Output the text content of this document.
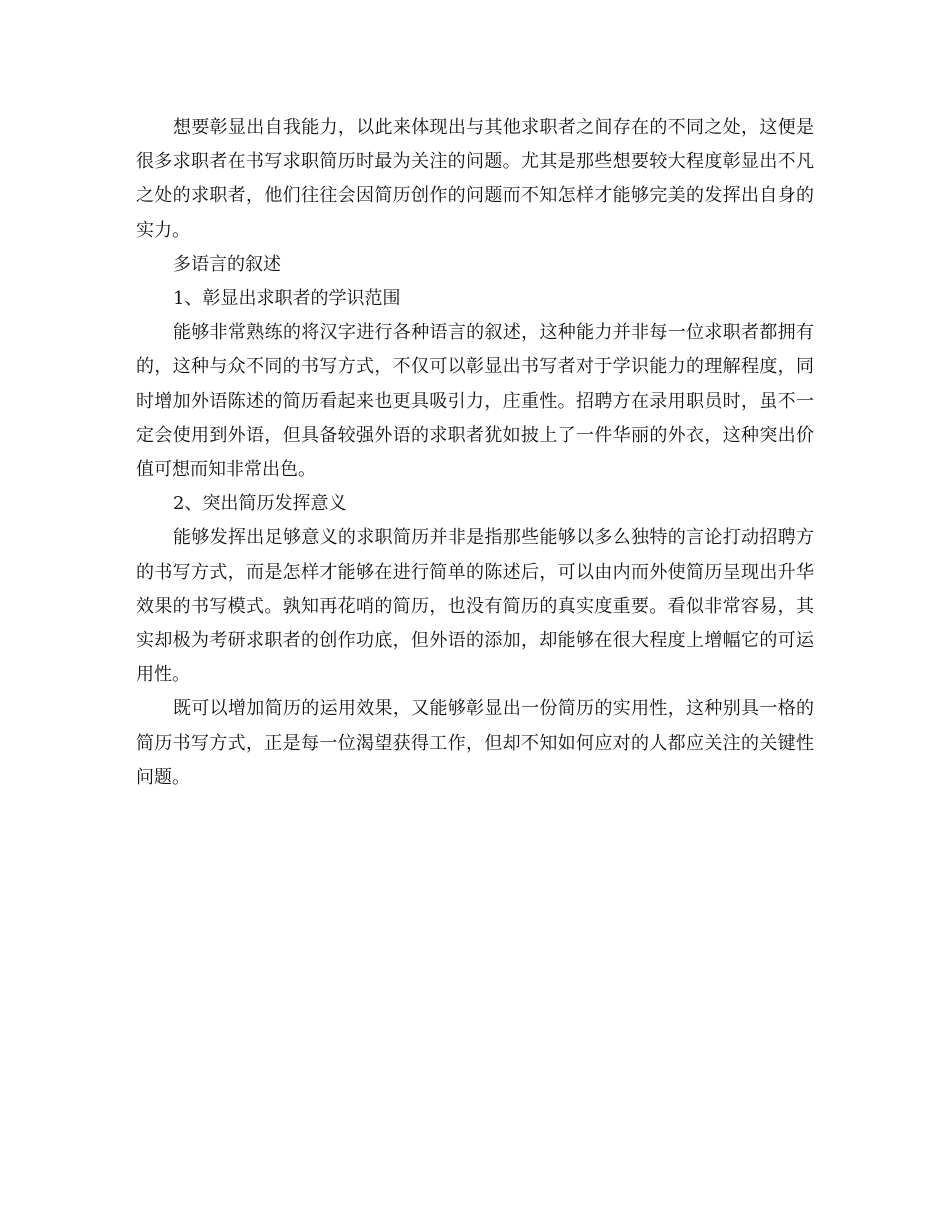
想要彰显出自我能力，以此来体现出与其他求职者之间存在的不同之处，这便是很多求职者在书写求职简历时最为关注的问题。尤其是那些想要较大程度彰显出不凡之处的求职者，他们往往会因简历创作的问题而不知怎样才能够完美的发挥出自身的实力。

多语言的叙述

1、彰显出求职者的学识范围

能够非常熟练的将汉字进行各种语言的叙述，这种能力并非每一位求职者都拥有的，这种与众不同的书写方式，不仅可以彰显出书写者对于学识能力的理解程度，同时增加外语陈述的简历看起来也更具吸引力，庄重性。招聘方在录用职员时，虽不一定会使用到外语，但具备较强外语的求职者犹如披上了一件华丽的外衣，这种突出价值可想而知非常出色。

2、突出简历发挥意义

能够发挥出足够意义的求职简历并非是指那些能够以多么独特的言论打动招聘方的书写方式，而是怎样才能够在进行简单的陈述后，可以由内而外使简历呈现出升华效果的书写模式。孰知再花哨的简历，也没有简历的真实度重要。看似非常容易，其实却极为考研求职者的创作功底，但外语的添加，却能够在很大程度上增幅它的可运用性。

既可以增加简历的运用效果，又能够彰显出一份简历的实用性，这种别具一格的简历书写方式，正是每一位渴望获得工作，但却不知如何应对的人都应关注的关键性问题。
